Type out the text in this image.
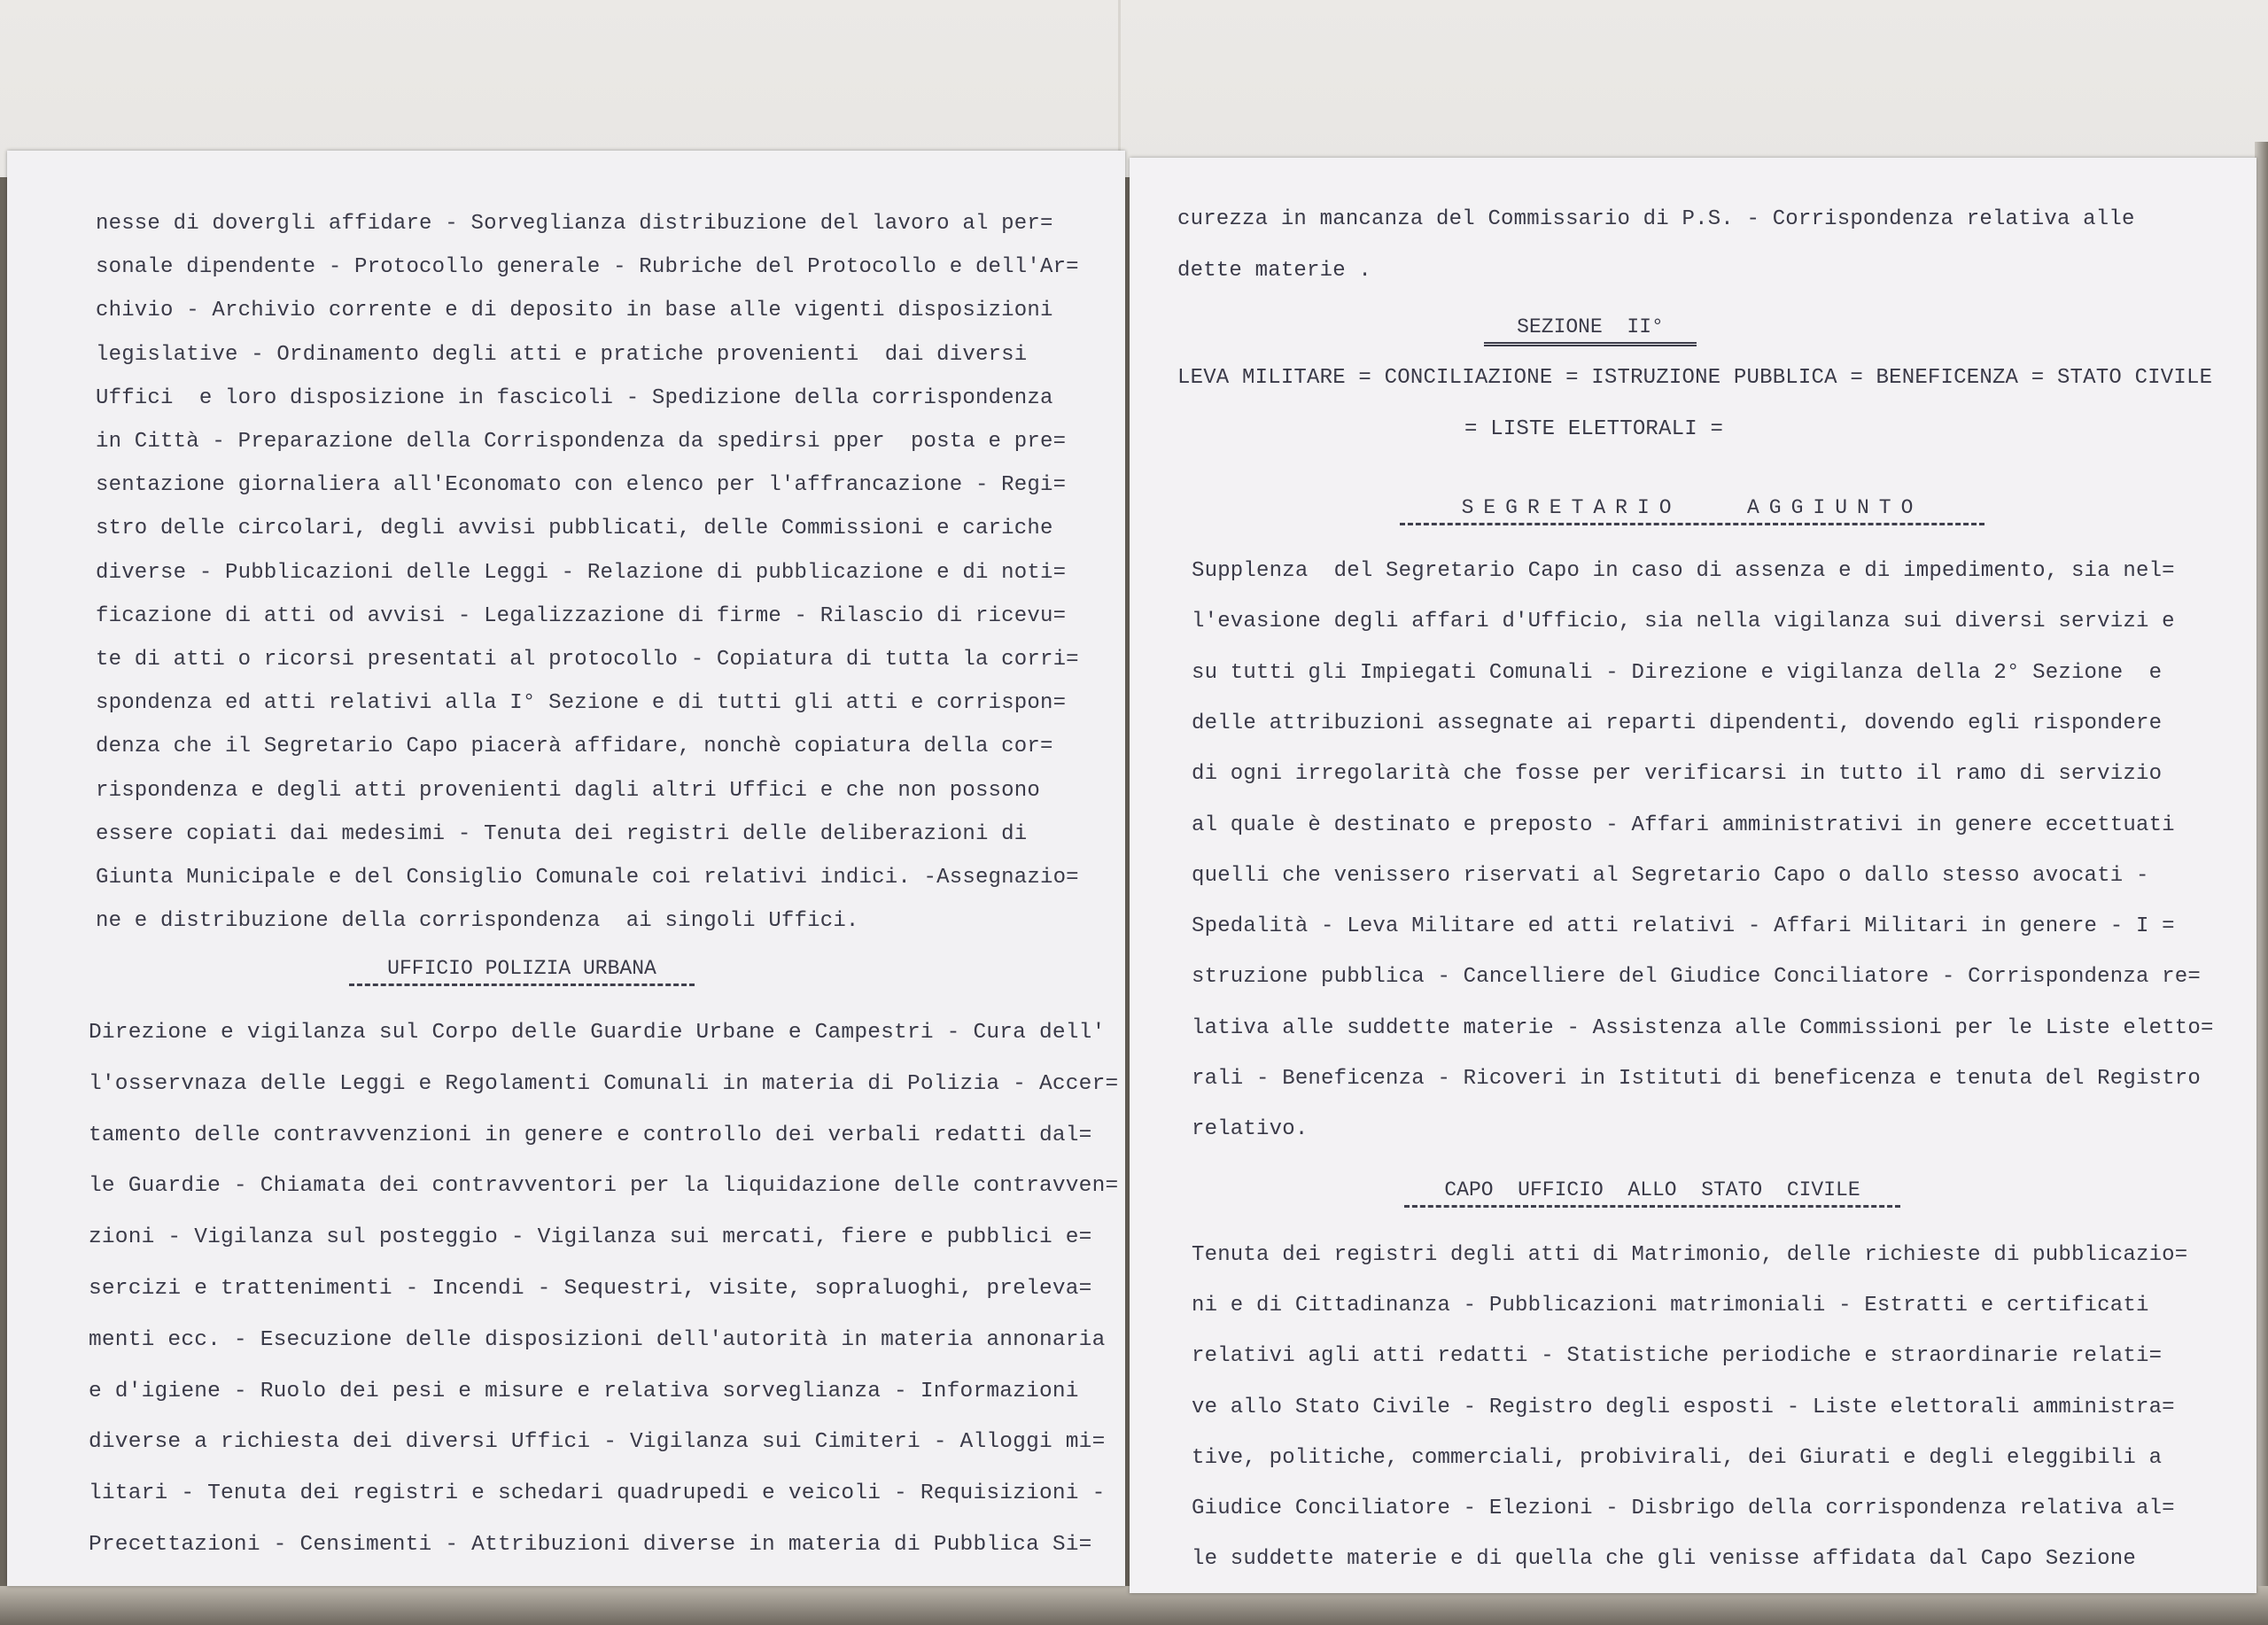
nesse di dovergli affidare - Sorveglianza distribuzione del lavoro al per=
sonale dipendente - Protocollo generale - Rubriche del Protocollo e dell'Ar=
chivio - Archivio corrente e di deposito in base alle vigenti disposizioni
legislative - Ordinamento degli atti e pratiche provenienti  dai diversi
Uffici  e loro disposizione in fascicoli - Spedizione della corrispondenza
in Città - Preparazione della Corrispondenza da spedirsi pper  posta e pre=
sentazione giornaliera all'Economato con elenco per l'affrancazione - Regi=
stro delle circolari, degli avvisi pubblicati, delle Commissioni e cariche
diverse - Pubblicazioni delle Leggi - Relazione di pubblicazione e di noti=
ficazione di atti od avvisi - Legalizzazione di firme - Rilascio di ricevu=
te di atti o ricorsi presentati al protocollo - Copiatura di tutta la corri=
spondenza ed atti relativi alla I° Sezione e di tutti gli atti e corrispon=
denza che il Segretario Capo piacerà affidare, nonchè copiatura della cor=
rispondenza e degli atti provenienti dagli altri Uffici e che non possono
essere copiati dai medesimi - Tenuta dei registri delle deliberazioni di
Giunta Municipale e del Consiglio Comunale coi relativi indici. -Assegnazio=
ne e distribuzione della corrispondenza  ai singoli Uffici.
UFFICIO POLIZIA URBANA
Direzione e vigilanza sul Corpo delle Guardie Urbane e Campestri - Cura dell'
l'osservnaza delle Leggi e Regolamenti Comunali in materia di Polizia - Accer=
tamento delle contravvenzioni in genere e controllo dei verbali redatti dal=
le Guardie - Chiamata dei contravventori per la liquidazione delle contravven=
zioni - Vigilanza sul posteggio - Vigilanza sui mercati, fiere e pubblici e=
sercizi e trattenimenti - Incendi - Sequestri, visite, sopraluoghi, preleva=
menti ecc. - Esecuzione delle disposizioni dell'autorità in materia annonaria
e d'igiene - Ruolo dei pesi e misure e relativa sorveglianza - Informazioni
diverse a richiesta dei diversi Uffici - Vigilanza sui Cimiteri - Alloggi mi=
litari - Tenuta dei registri e schedari quadrupedi e veicoli - Requisizioni -
Precettazioni - Censimenti - Attribuzioni diverse in materia di Pubblica Si=
curezza in mancanza del Commissario di P.S. - Corrispondenza relativa alle
dette materie .
SEZIONE  II°
LEVA MILITARE = CONCILIAZIONE = ISTRUZIONE PUBBLICA = BENEFICENZA = STATO CIVILE
= LISTE ELETTORALI =
SEGRETARIO   AGGIUNTO
Supplenza  del Segretario Capo in caso di assenza e di impedimento, sia nel=
l'evasione degli affari d'Ufficio, sia nella vigilanza sui diversi servizi e
su tutti gli Impiegati Comunali - Direzione e vigilanza della 2° Sezione  e
delle attribuzioni assegnate ai reparti dipendenti, dovendo egli rispondere
di ogni irregolarità che fosse per verificarsi in tutto il ramo di servizio
al quale è destinato e preposto - Affari amministrativi in genere eccettuati
quelli che venissero riservati al Segretario Capo o dallo stesso avocati -
Spedalità - Leva Militare ed atti relativi - Affari Militari in genere - I =
struzione pubblica - Cancelliere del Giudice Conciliatore - Corrispondenza re=
lativa alle suddette materie - Assistenza alle Commissioni per le Liste eletto=
rali - Beneficenza - Ricoveri in Istituti di beneficenza e tenuta del Registro
relativo.
CAPO  UFFICIO  ALLO  STATO  CIVILE
Tenuta dei registri degli atti di Matrimonio, delle richieste di pubblicazio=
ni e di Cittadinanza - Pubblicazioni matrimoniali - Estratti e certificati
relativi agli atti redatti - Statistiche periodiche e straordinarie relati=
ve allo Stato Civile - Registro degli esposti - Liste elettorali amministra=
tive, politiche, commerciali, probivirali, dei Giurati e degli eleggibili a
Giudice Conciliatore - Elezioni - Disbrigo della corrispondenza relativa al=
le suddette materie e di quella che gli venisse affidata dal Capo Sezione
